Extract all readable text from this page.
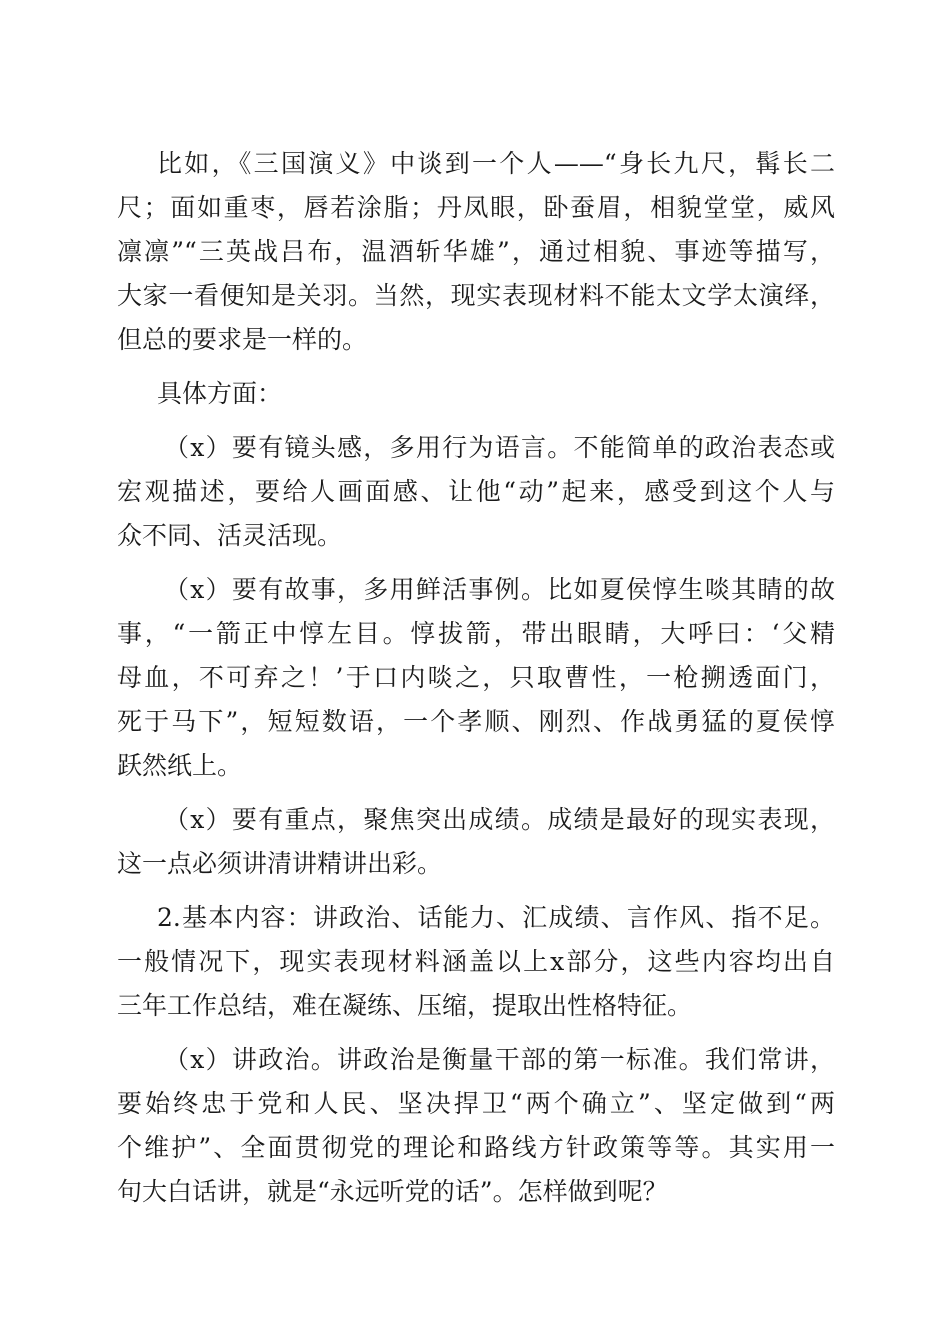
比如，《三国演义》中谈到一个人——“身长九尺，髯长二
尺；面如重枣，唇若涂脂；丹凤眼，卧蚕眉，相貌堂堂，威风
凛凛”“三英战吕布，温酒斩华雄”，通过相貌、事迹等描写，
大家一看便知是关羽。当然，现实表现材料不能太文学太演绎，
但总的要求是一样的。
具体方面：
（x）要有镜头感，多用行为语言。不能简单的政治表态或
宏观描述，要给人画面感、让他“动”起来，感受到这个人与
众不同、活灵活现。
（x）要有故事，多用鲜活事例。比如夏侯惇生啖其睛的故
事，“一箭正中惇左目。惇拔箭，带出眼睛，大呼曰：‘父精
母血，不可弃之！’于口内啖之，只取曹性，一枪搠透面门，
死于马下”，短短数语，一个孝顺、刚烈、作战勇猛的夏侯惇
跃然纸上。
（x）要有重点，聚焦突出成绩。成绩是最好的现实表现，
这一点必须讲清讲精讲出彩。
2.基本内容：讲政治、话能力、汇成绩、言作风、指不足。
一般情况下，现实表现材料涵盖以上x部分，这些内容均出自
三年工作总结，难在凝练、压缩，提取出性格特征。
（x）讲政治。讲政治是衡量干部的第一标准。我们常讲，
要始终忠于党和人民、坚决捍卫“两个确立”、坚定做到“两
个维护”、全面贯彻党的理论和路线方针政策等等。其实用一
句大白话讲，就是“永远听党的话”。怎样做到呢？
